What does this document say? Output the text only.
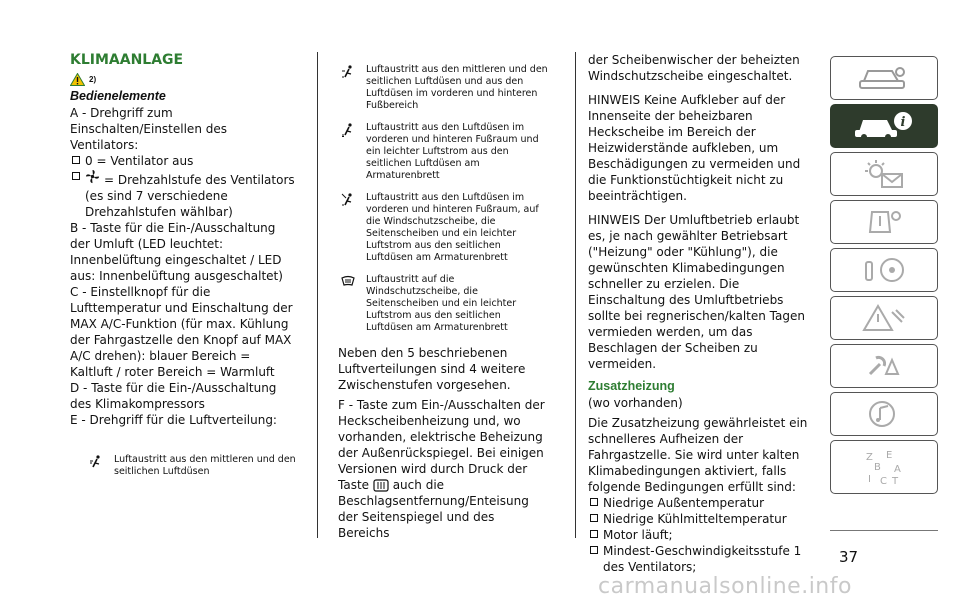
KLIMAANLAGE
2)
Bedienelemente

A - Drehgriff zum Einschalten/Einstellen des Ventilators:

0 = Ventilator aus
= Drehzahlstufe des Ventilators (es sind 7 verschiedene Drehzahlstufen wählbar)

B - Taste für die Ein-/Ausschaltung der Umluft (LED leuchtet: Innenbelüftung eingeschaltet / LED aus: Innenbelüftung ausgeschaltet)

C - Einstellknopf für die Lufttemperatur und Einschaltung der MAX A/C-Funktion (für max. Kühlung der Fahrgastzelle den Knopf auf MAX A/C drehen): blauer Bereich = Kaltluft / roter Bereich = Warmluft

D - Taste für die Ein-/Ausschaltung des Klimakompressors

E - Drehgriff für die Luftverteilung:

Luftaustritt aus den mittleren und den seitlichen Luftdüsen
Luftaustritt aus den mittleren und den seitlichen Luftdüsen und aus den Luftdüsen im vorderen und hinteren Fußbereich
Luftaustritt aus den Luftdüsen im vorderen und hinteren Fußraum und ein leichter Luftstrom aus den seitlichen Luftdüsen am Armaturenbrett
Luftaustritt aus den Luftdüsen im vorderen und hinteren Fußraum, auf die Windschutzscheibe, die Seitenscheiben und ein leichter Luftstrom aus den seitlichen Luftdüsen am Armaturenbrett
Luftaustritt auf die Windschutzscheibe, die Seitenscheiben und ein leichter Luftstrom aus den seitlichen Luftdüsen am Armaturenbrett

Neben den 5 beschriebenen Luftverteilungen sind 4 weitere Zwischenstufen vorgesehen.

F - Taste zum Ein-/Ausschalten der Heckscheibenheizung und, wo vorhanden, elektrische Beheizung der Außenrückspiegel. Bei einigen Versionen wird durch Druck der Taste auch die Beschlagsentfernung/Enteisung der Seitenspiegel und des Bereichs

der Scheibenwischer der beheizten Windschutzscheibe eingeschaltet.

HINWEIS Keine Aufkleber auf der Innenseite der beheizbaren Heckscheibe im Bereich der Heizwiderstände aufkleben, um Beschädigungen zu vermeiden und die Funktionstüchtigkeit nicht zu beeinträchtigen.

HINWEIS Der Umluftbetrieb erlaubt es, je nach gewählter Betriebsart ("Heizung" oder "Kühlung"), die gewünschten Klimabedingungen schneller zu erzielen. Die Einschaltung des Umluftbetriebs sollte bei regnerischen/kalten Tagen vermieden werden, um das Beschlagen der Scheiben zu vermeiden.

Zusatzheizung

(wo vorhanden)

Die Zusatzheizung gewährleistet ein schnelleres Aufheizen der Fahrgastzelle. Sie wird unter kalten Klimabedingungen aktiviert, falls folgende Bedingungen erfüllt sind:

Niedrige Außentemperatur
Niedrige Kühlmitteltemperatur
Motor läuft;
Mindest-Geschwindigkeitsstufe 1 des Ventilators;
i
Z E
B A
I C T
37
carmanualsonline.info
